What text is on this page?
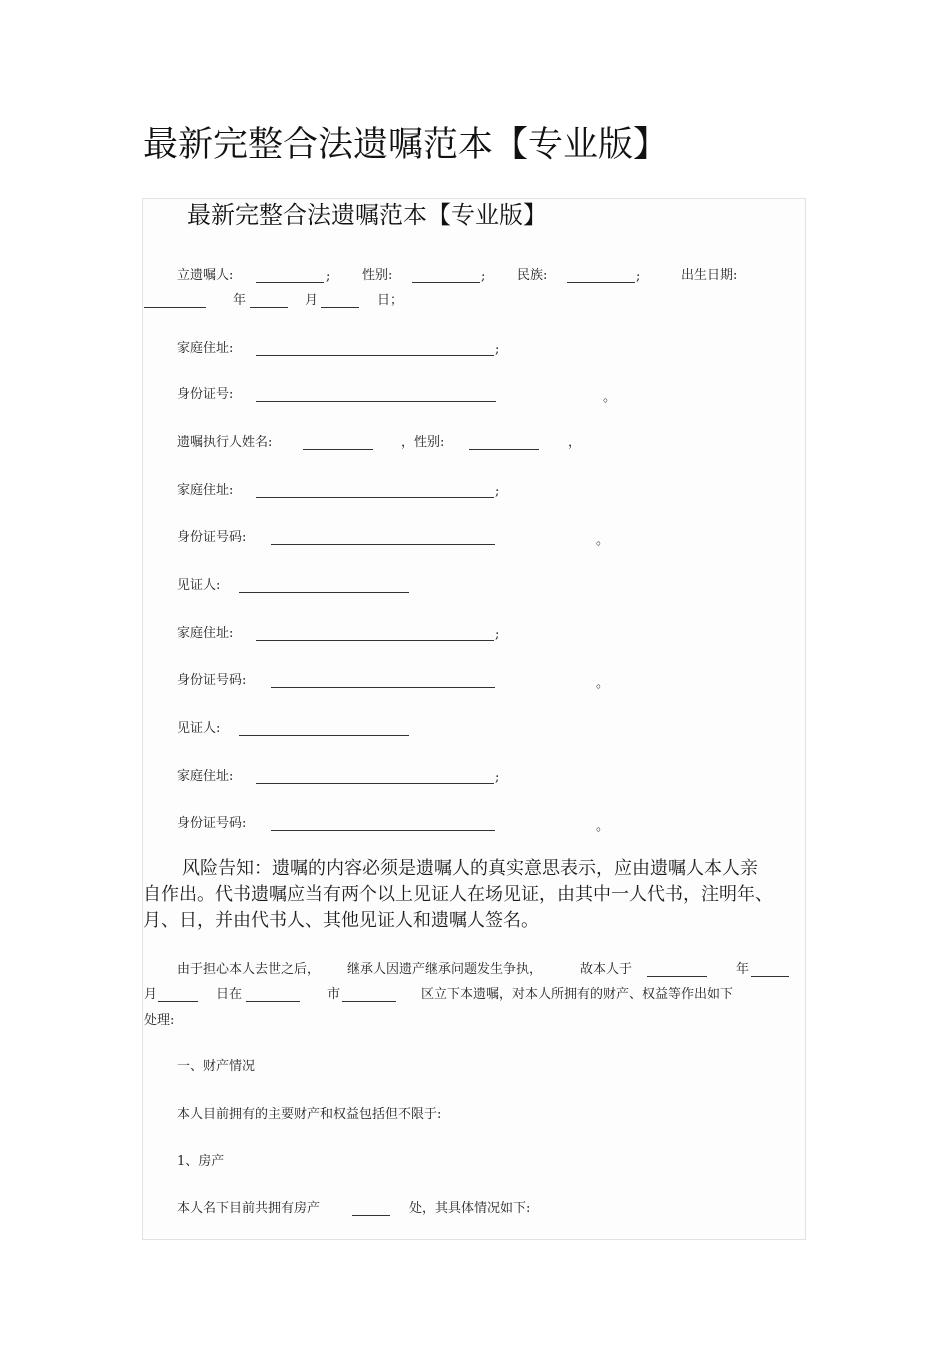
最新完整合法遗嘱范本【专业版】
最新完整合法遗嘱范本【专业版】
立遗嘱人:	; 性别:	; 民族:	;	出生日期:
年	月	日；
家庭住址:	;
身份证号:	。
遗嘱执行人姓名:	，性别:	，
家庭住址:	;
身份证号码:	。
见证人:
家庭住址:	;
身份证号码:	。
见证人:
家庭住址:	;
身份证号码:	。
风险告知：遗嘱的内容必须是遗嘱人的真实意思表示，应由遗嘱人本人亲
自作出。代书遗嘱应当有两个以上见证人在场见证，由其中一人代书，注明年、
月、日，并由代书人、其他见证人和遗嘱人签名。
由于担心本人去世之后， 继承人因遗产继承问题发生争执，	故本人于	年
月	日在	市	区立下本遗嘱，对本人所拥有的财产、权益等作出如下
处理:
一、财产情况
本人目前拥有的主要财产和权益包括但不限于:
1、房产
本人名下目前共拥有房产	处，其具体情况如下:
